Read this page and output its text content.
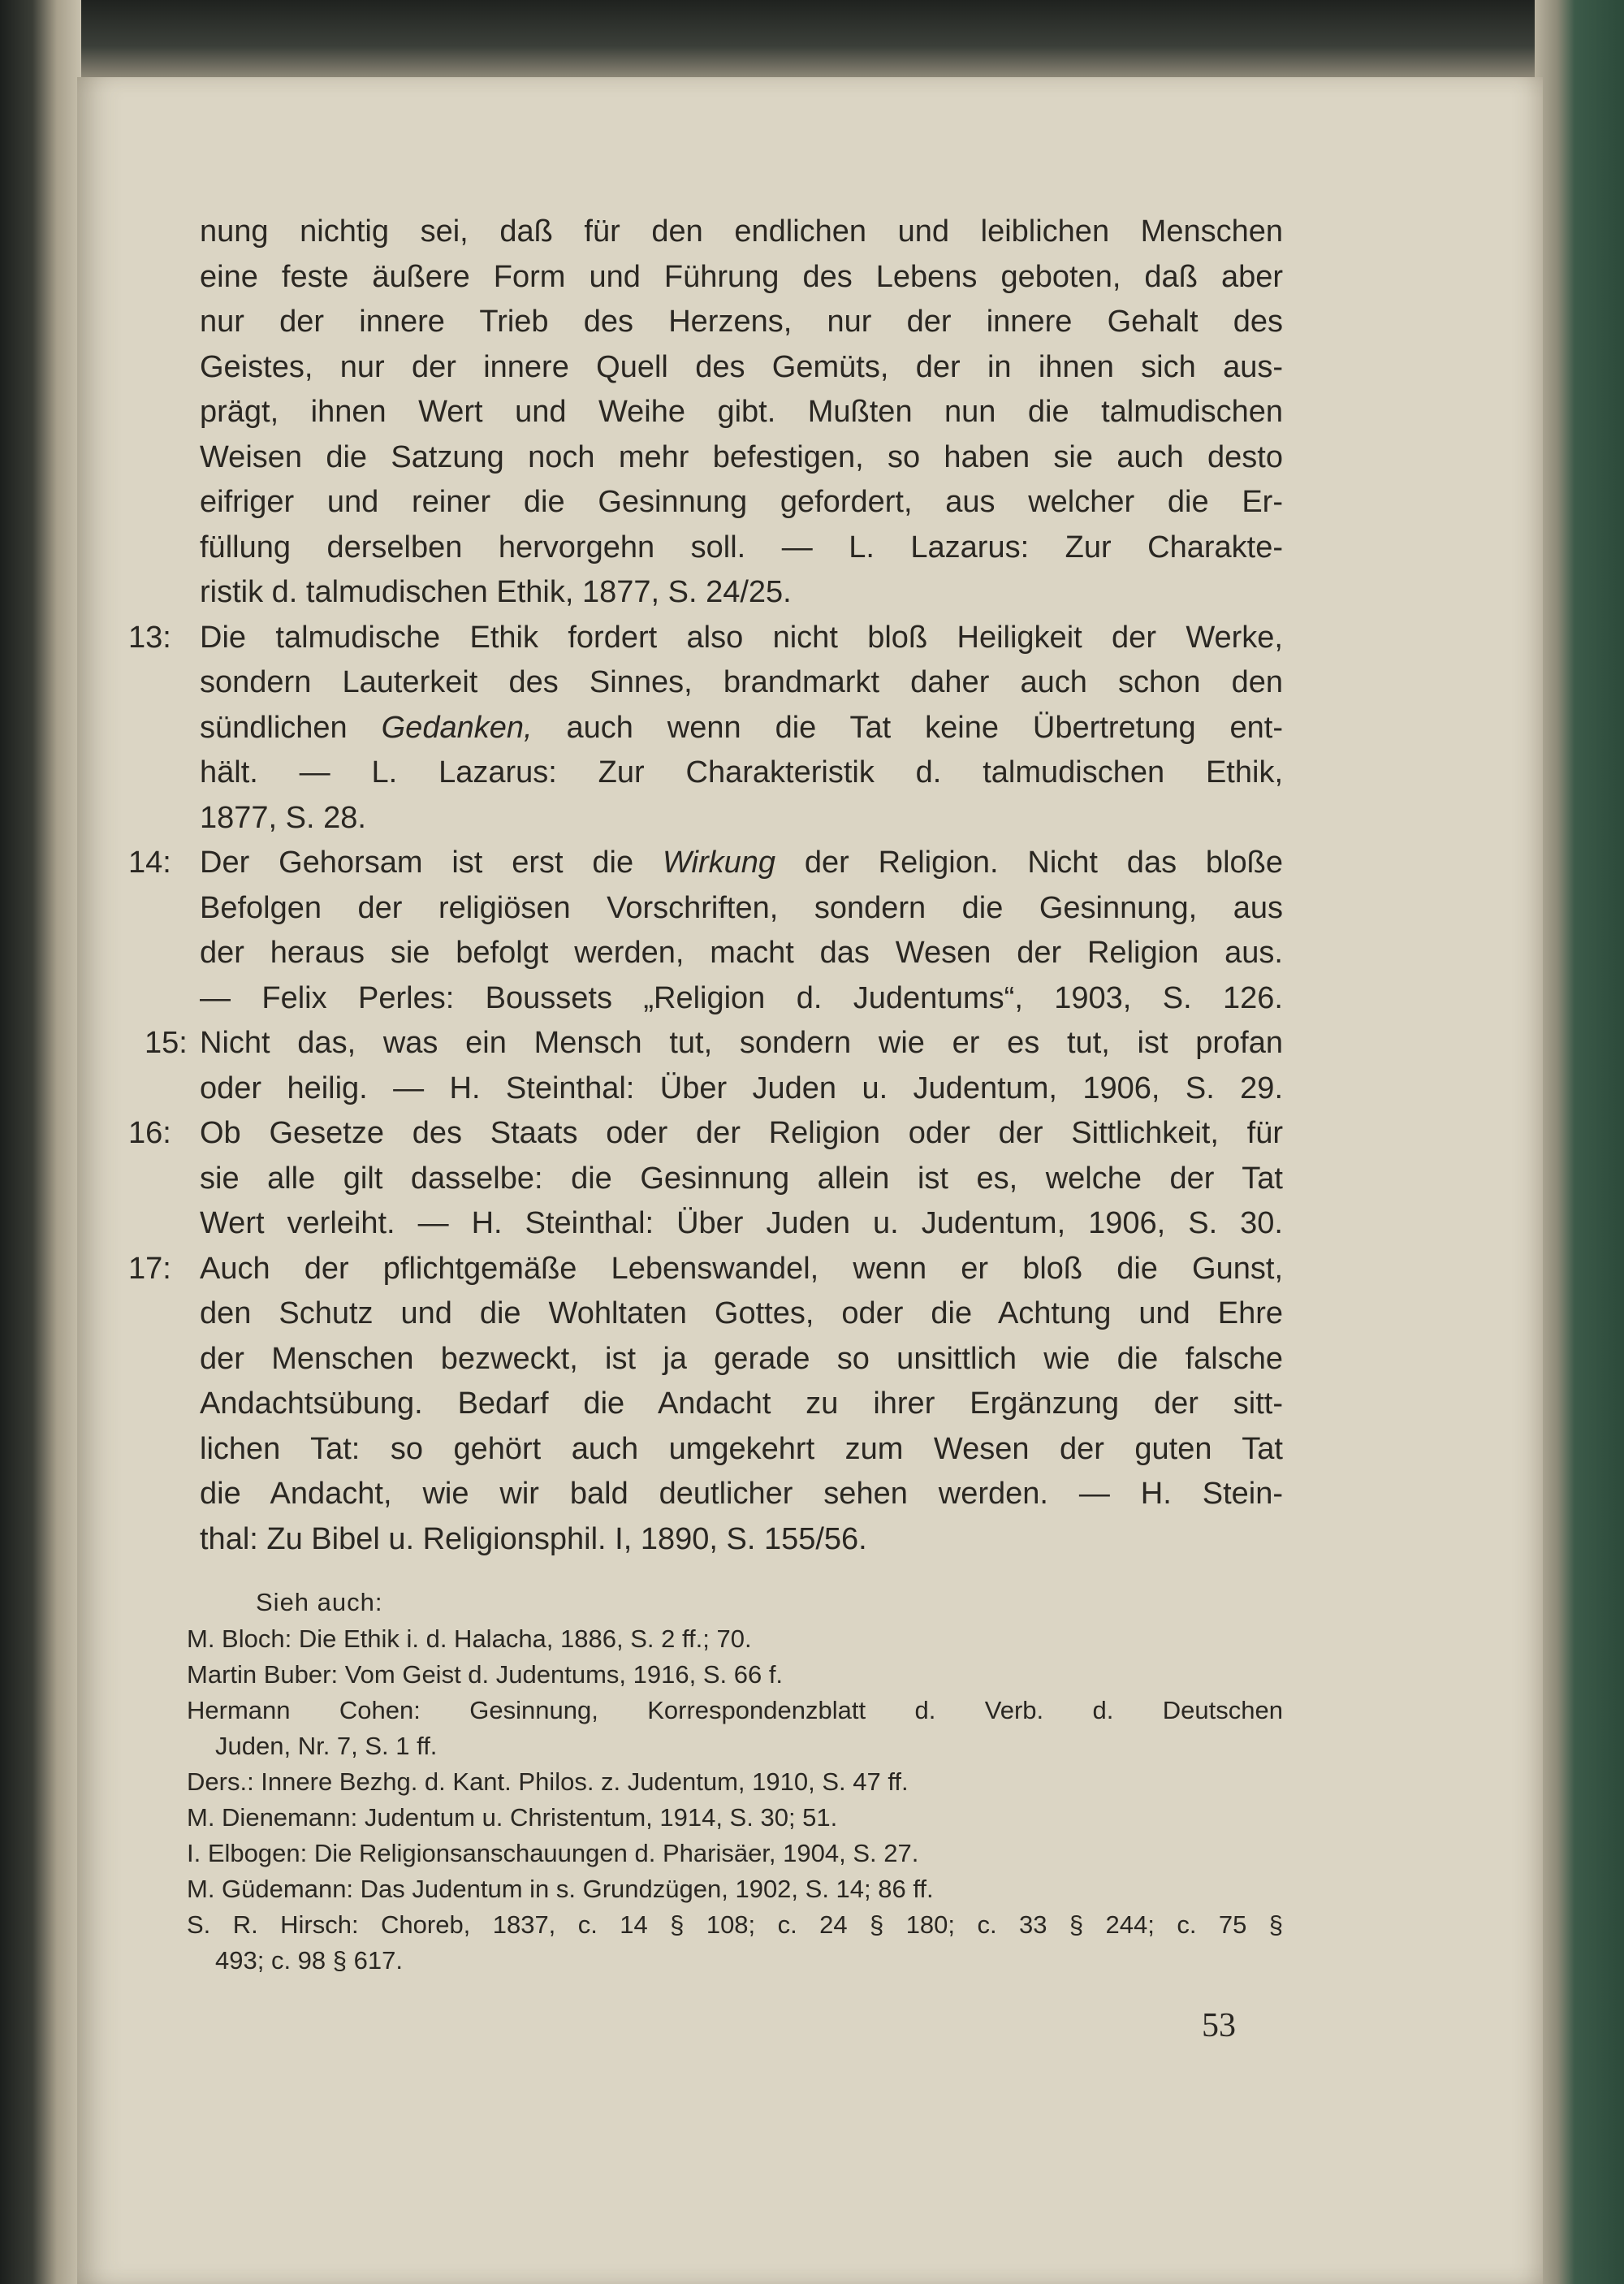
nung nichtig sei, daß für den endlichen und leiblichen Menschen
eine feste äußere Form und Führung des Lebens geboten, daß aber
nur der innere Trieb des Herzens, nur der innere Gehalt des
Geistes, nur der innere Quell des Gemüts, der in ihnen sich aus-
prägt, ihnen Wert und Weihe gibt. Mußten nun die talmudischen
Weisen die Satzung noch mehr befestigen, so haben sie auch desto
eifriger und reiner die Gesinnung gefordert, aus welcher die Er-
füllung derselben hervorgehn soll. — L. Lazarus: Zur Charakte-
ristik d. talmudischen Ethik, 1877, S. 24/25.
13: Die talmudische Ethik fordert also nicht bloß Heiligkeit der Werke,
sondern Lauterkeit des Sinnes, brandmarkt daher auch schon den
sündlichen Gedanken, auch wenn die Tat keine Übertretung ent-
hält. — L. Lazarus: Zur Charakteristik d. talmudischen Ethik,
1877, S. 28.
14: Der Gehorsam ist erst die Wirkung der Religion. Nicht das bloße
Befolgen der religiösen Vorschriften, sondern die Gesinnung, aus
der heraus sie befolgt werden, macht das Wesen der Religion aus.
— Felix Perles: Boussets „Religion d. Judentums“, 1903, S. 126.
15: Nicht das, was ein Mensch tut, sondern wie er es tut, ist profan
oder heilig. — H. Steinthal: Über Juden u. Judentum, 1906, S. 29.
16: Ob Gesetze des Staats oder der Religion oder der Sittlichkeit, für
sie alle gilt dasselbe: die Gesinnung allein ist es, welche der Tat
Wert verleiht. — H. Steinthal: Über Juden u. Judentum, 1906, S. 30.
17: Auch der pflichtgemäße Lebenswandel, wenn er bloß die Gunst,
den Schutz und die Wohltaten Gottes, oder die Achtung und Ehre
der Menschen bezweckt, ist ja gerade so unsittlich wie die falsche
Andachtsübung. Bedarf die Andacht zu ihrer Ergänzung der sitt-
lichen Tat: so gehört auch umgekehrt zum Wesen der guten Tat
die Andacht, wie wir bald deutlicher sehen werden. — H. Stein-
thal: Zu Bibel u. Religionsphil. I, 1890, S. 155/56.
Sieh auch:
M. Bloch: Die Ethik i. d. Halacha, 1886, S. 2 ff.; 70.
Martin Buber: Vom Geist d. Judentums, 1916, S. 66 f.
Hermann Cohen: Gesinnung, Korrespondenzblatt d. Verb. d. Deutschen
Juden, Nr. 7, S. 1 ff.
Ders.: Innere Bezhg. d. Kant. Philos. z. Judentum, 1910, S. 47 ff.
M. Dienemann: Judentum u. Christentum, 1914, S. 30; 51.
I. Elbogen: Die Religionsanschauungen d. Pharisäer, 1904, S. 27.
M. Güdemann: Das Judentum in s. Grundzügen, 1902, S. 14; 86 ff.
S. R. Hirsch: Choreb, 1837, c. 14 § 108; c. 24 § 180; c. 33 § 244; c. 75 §
493; c. 98 § 617.
53
